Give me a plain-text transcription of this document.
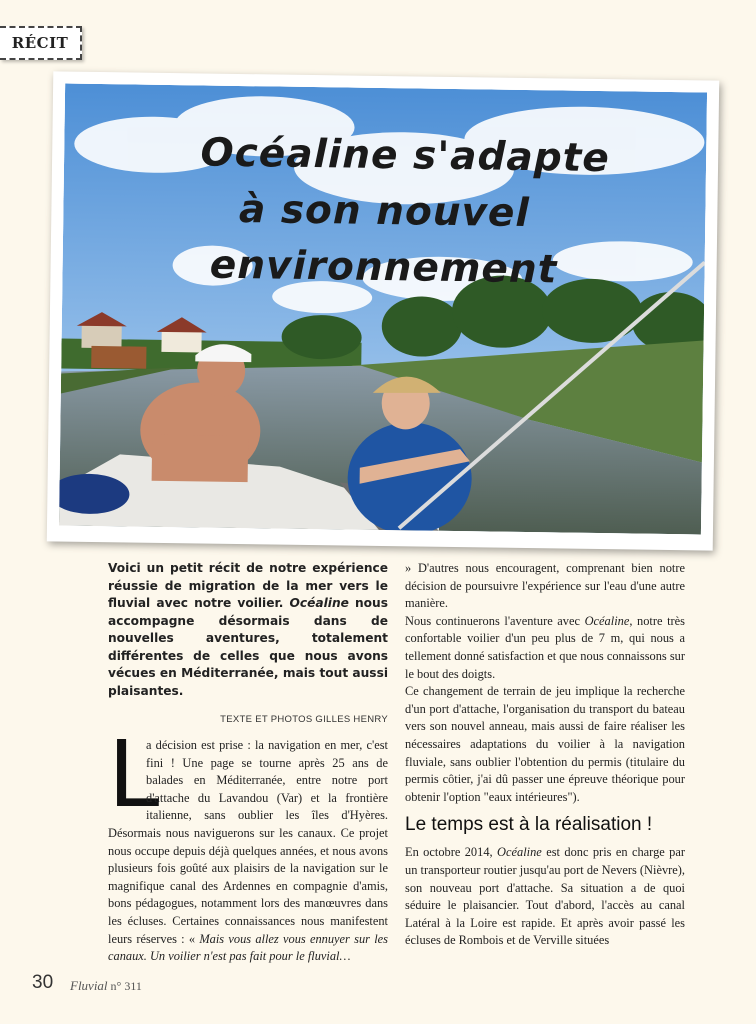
RÉCIT
Océaline s'adapte
à son nouvel environnement

Voici un petit récit de notre expérience réussie de migration de la mer vers le fluvial avec notre voilier. Océaline nous accompagne désormais dans de nouvelles aventures, totalement différentes de celles que nous avons vécues en Méditerranée, mais tout aussi plaisantes.

TEXTE ET PHOTOS GILLES HENRY

L
a décision est prise : la navigation en mer, c'est fini ! Une page se tourne après 25 ans de balades en Méditerranée, entre notre port d'attache du Lavandou (Var) et la frontière italienne, sans oublier les îles d'Hyères. Désormais nous naviguerons sur les canaux. Ce projet nous occupe depuis déjà quelques années, et nous avons plusieurs fois goûté aux plaisirs de la navigation sur le magnifique canal des Ardennes en compagnie d'amis, bons pédagogues, notamment lors des manœuvres dans les écluses. Certaines connaissances nous manifestent leurs réserves : « Mais vous allez vous ennuyer sur les canaux. Un voilier n'est pas fait pour le fluvial…

» D'autres nous encouragent, comprenant bien notre décision de poursuivre l'expérience sur l'eau d'une autre manière.

Nous continuerons l'aventure avec Océaline, notre très confortable voilier d'un peu plus de 7 m, qui nous a tellement donné satisfaction et que nous connaissons sur le bout des doigts.

Ce changement de terrain de jeu implique la recherche d'un port d'attache, l'organisation du transport du bateau vers son nouvel anneau, mais aussi de faire réaliser les nécessaires adaptations du voilier à la navigation fluviale, sans oublier l'obtention du permis (titulaire du permis côtier, j'ai dû passer une épreuve théorique pour obtenir l'option "eaux intérieures").

Le temps est à la réalisation !

En octobre 2014, Océaline est donc pris en charge par un transporteur routier jusqu'au port de Nevers (Nièvre), son nouveau port d'attache. Sa situation a de quoi séduire le plaisancier. Tout d'abord, l'accès au canal Latéral à la Loire est rapide. Et après avoir passé les écluses de Rombois et de Verville situées

30 Fluvial n° 311
